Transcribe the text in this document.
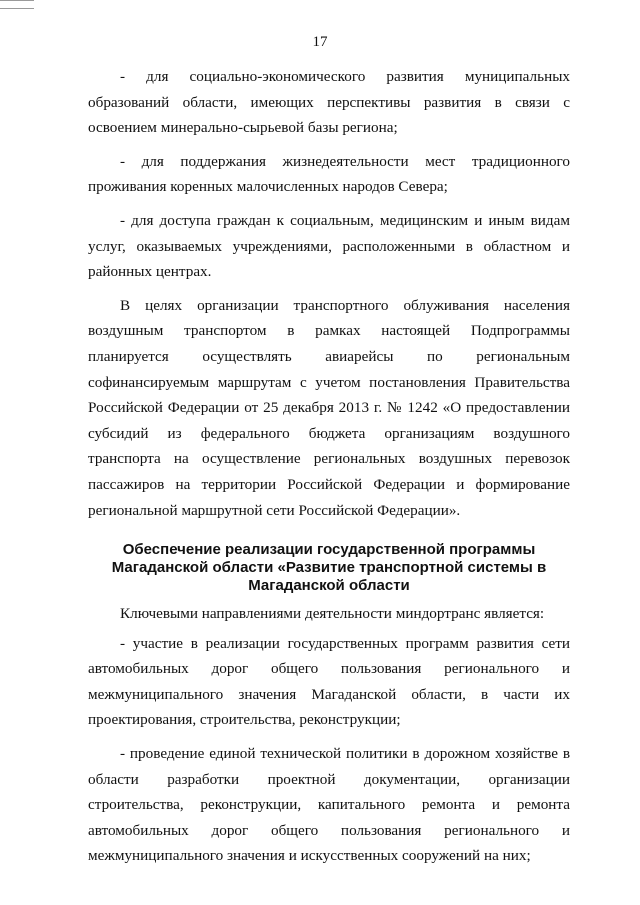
17

- для социально-экономического развития муниципальных образований области, имеющих перспективы развития в связи с освоением минерально-сырьевой базы региона;

- для поддержания жизнедеятельности мест традиционного проживания коренных малочисленных народов Севера;

- для доступа граждан к социальным, медицинским и иным видам услуг, оказываемых учреждениями, расположенными в областном и районных центрах.

В целях организации транспортного облуживания населения воздушным транспортом в рамках настоящей Подпрограммы планируется осуществлять авиарейсы по региональным софинансируемым маршрутам с учетом постановления Правительства Российской Федерации от 25 декабря 2013 г. № 1242 «О предоставлении субсидий из федерального бюджета организациям воздушного транспорта на осуществление региональных воздушных перевозок пассажиров на территории Российской Федерации и формирование региональной маршрутной сети Российской Федерации».

Обеспечение реализации государственной программы
Магаданской области «Развитие транспортной системы в
Магаданской области

Ключевыми направлениями деятельности миндортранс является:

- участие в реализации государственных программ развития сети автомобильных дорог общего пользования регионального и межмуниципального значения Магаданской области, в части их проектирования, строительства, реконструкции;

- проведение единой технической политики в дорожном хозяйстве в области разработки проектной документации, организации строительства, реконструкции, капитального ремонта и ремонта автомобильных дорог общего пользования регионального и межмуниципального значения и искусственных сооружений на них;
